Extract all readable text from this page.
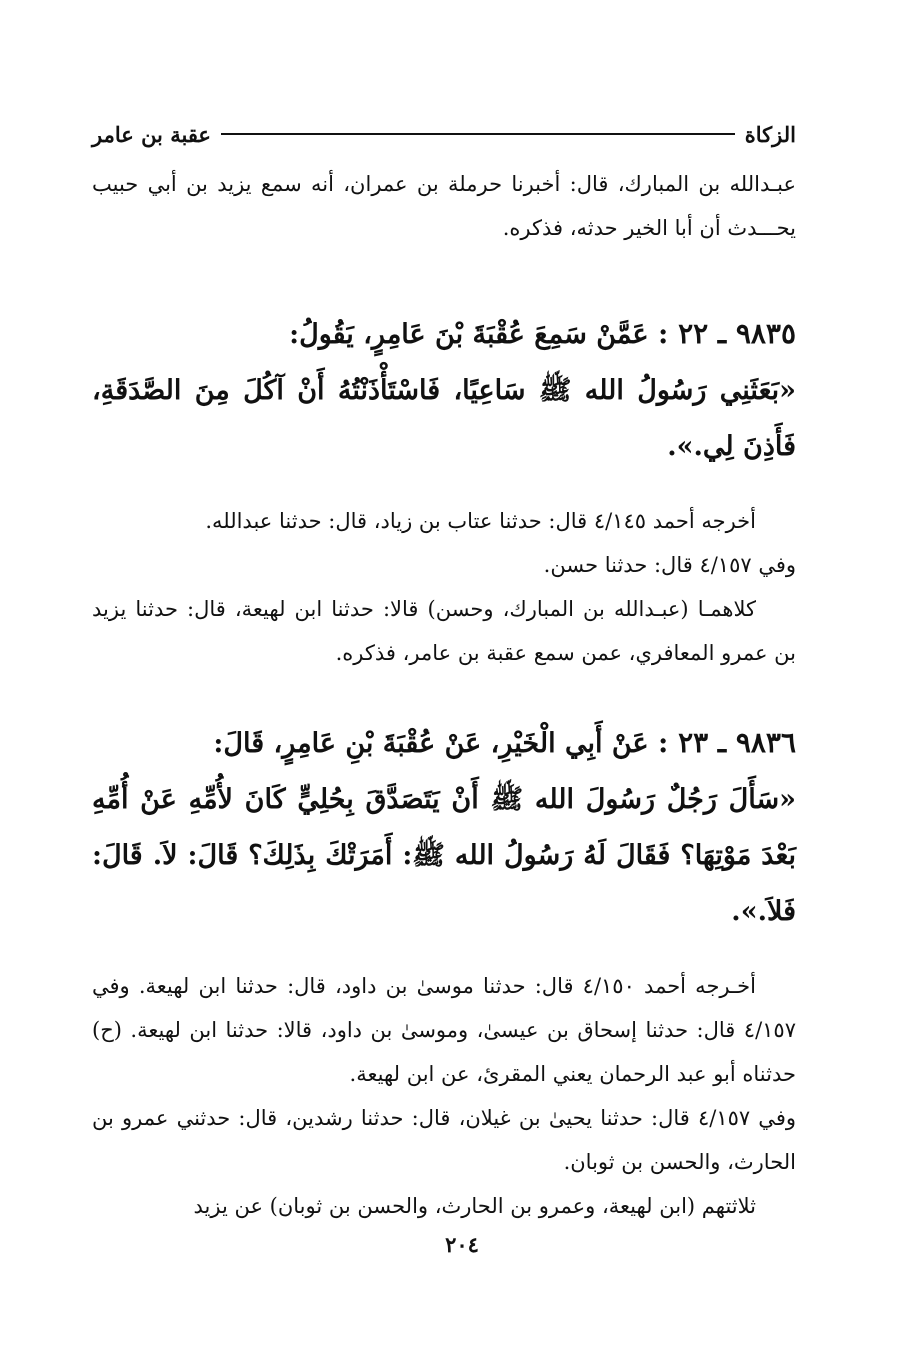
الزكاة
عقبة بن عامر

عبـدالله بن المبارك، قال: أخبرنا حرملة بن عمران، أنه سمع يزيد بن أبي حبيب يحـــدث أن أبا الخير حدثه، فذكره.

٩٨٣٥ ـ ٢٢ : عَمَّنْ سَمِعَ عُقْبَةَ بْنَ عَامِرٍ، يَقُولُ:

«بَعَثَنِي رَسُولُ الله ﷺ سَاعِيًا، فَاسْتَأْذَنْتُهُ أَنْ آكُلَ مِنَ الصَّدَقَةِ، فَأَذِنَ لِي.».

أخرجه أحمد ٤/١٤٥ قال: حدثنا عتاب بن زياد، قال: حدثنا عبدالله.

وفي ٤/١٥٧ قال: حدثنا حسن.

كلاهمـا (عبـدالله بن المبارك، وحسن) قالا: حدثنا ابن لهيعة، قال: حدثنا يزيد بن عمرو المعافري، عمن سمع عقبة بن عامر، فذكره.

٩٨٣٦ ـ ٢٣ : عَنْ أَبِي الْخَيْرِ، عَنْ عُقْبَةَ بْنِ عَامِرٍ، قَالَ:

«سَأَلَ رَجُلٌ رَسُولَ الله ﷺ أَنْ يَتَصَدَّقَ بِحُلِيٍّ كَانَ لأُمِّهِ عَنْ أُمِّهِ بَعْدَ مَوْتِهَا؟ فَقَالَ لَهُ رَسُولُ الله ﷺ: أَمَرَتْكَ بِذَلِكَ؟ قَالَ: لاَ. قَالَ: فَلاَ.».

أخـرجه أحمد ٤/١٥٠ قال: حدثنا موسىٰ بن داود، قال: حدثنا ابن لهيعة. وفي ٤/١٥٧ قال: حدثنا إسحاق بن عيسىٰ، وموسىٰ بن داود، قالا: حدثنا ابن لهيعة. (ح) حدثناه أبو عبد الرحمان يعني المقرئ، عن ابن لهيعة.

وفي ٤/١٥٧ قال: حدثنا يحيىٰ بن غيلان، قال: حدثنا رشدين، قال: حدثني عمرو بن الحارث، والحسن بن ثوبان.

ثلاثتهم (ابن لهيعة، وعمرو بن الحارث، والحسن بن ثوبان) عن يزيد

٢٠٤
